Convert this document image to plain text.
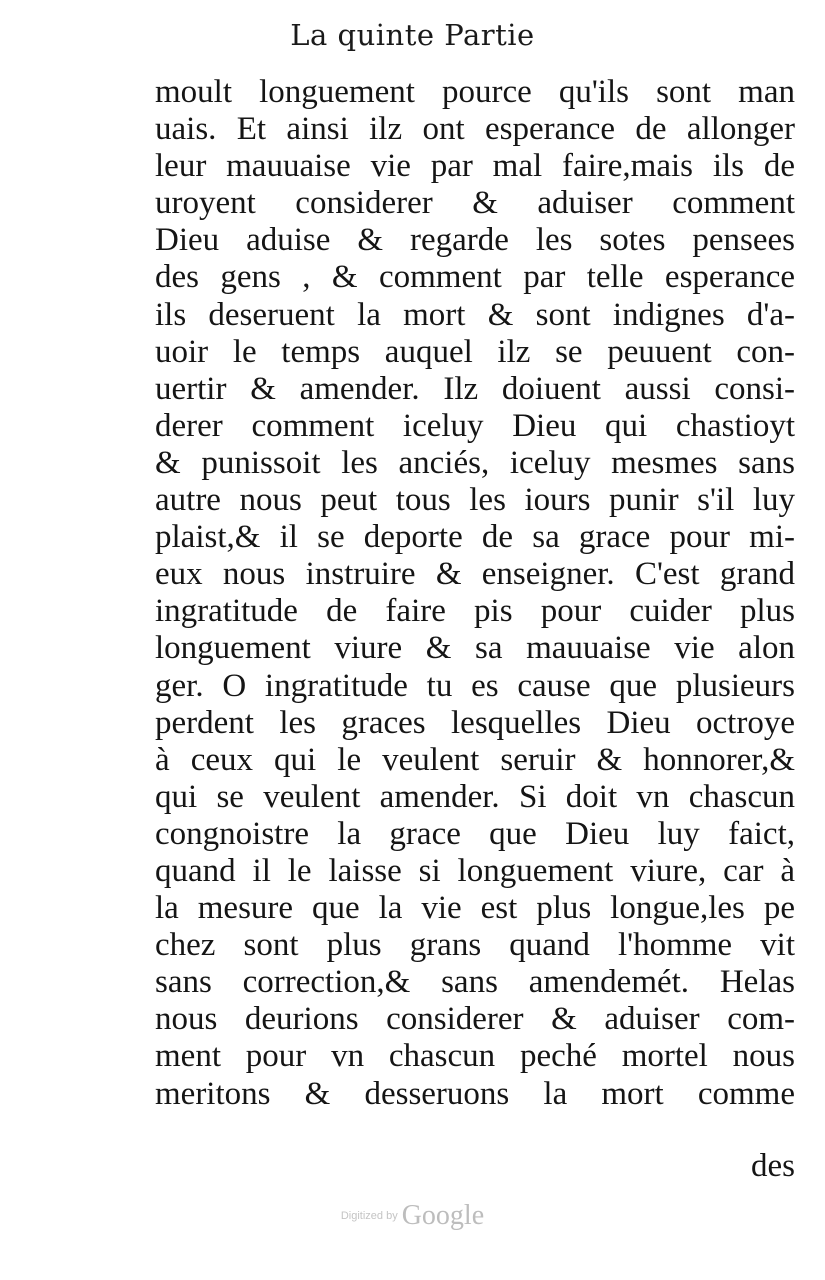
La quinte Partie
moult longuement pource qu'ils sont man
uais. Et ainsi ilz ont esperance de allonger
leur mauuaise vie par mal faire,mais ils de
uroyent considerer & aduiser comment
Dieu aduise & regarde les sotes pensees
des gens , & comment par telle esperance
ils deseruent la mort & sont indignes d'a-
uoir le temps auquel ilz se peuuent con-
uertir & amender. Ilz doiuent aussi consi-
derer comment iceluy Dieu qui chastioyt
& punissoit les anciés, iceluy mesmes sans
autre nous peut tous les iours punir s'il luy
plaist,& il se deporte de sa grace pour mi-
eux nous instruire & enseigner. C'est grand
ingratitude de faire pis pour cuider plus
longuement viure & sa mauuaise vie alon
ger. O ingratitude tu es cause que plusieurs
perdent les graces lesquelles Dieu octroye
à ceux qui le veulent seruir & honnorer,&
qui se veulent amender. Si doit vn chascun
congnoistre la grace que Dieu luy faict,
quand il le laisse si longuement viure, car à
la mesure que la vie est plus longue,les pe
chez sont plus grans quand l'homme vit
sans correction,& sans amendemét. Helas
nous deurions considerer & aduiser com-
ment pour vn chascun peché mortel nous
meritons & desseruons la mort comme
des
Digitized by Google
